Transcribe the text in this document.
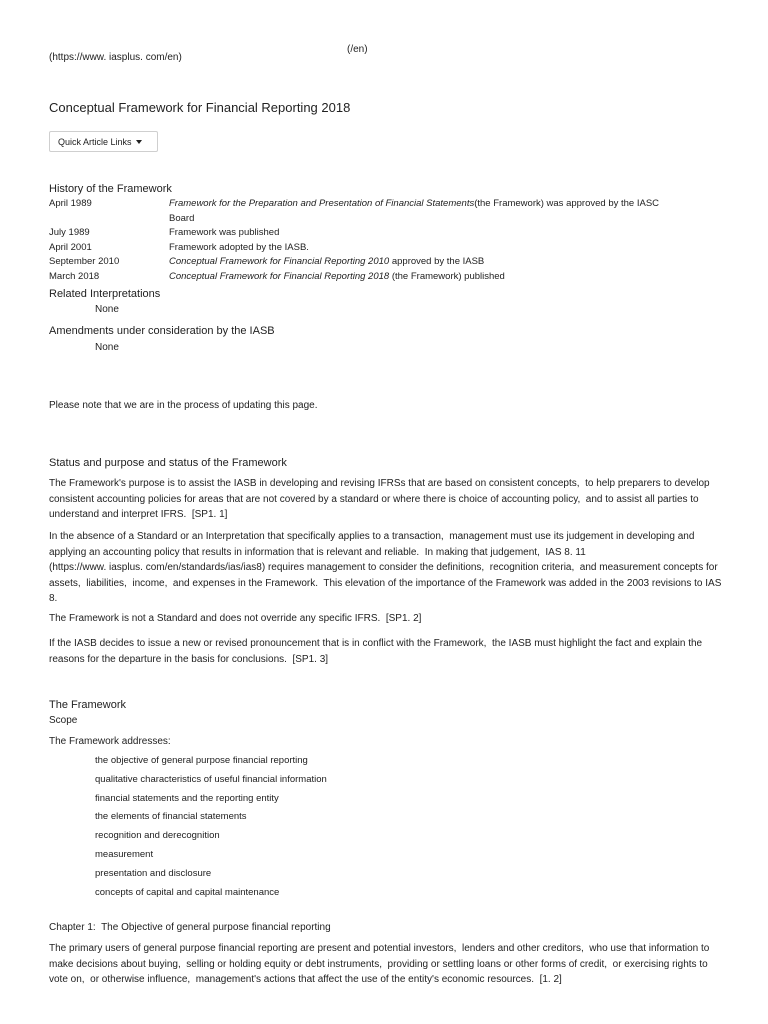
(/en)
(https://www. iasplus. com/en)
Conceptual Framework for Financial Reporting 2018
Quick Article Links
History of the Framework
April 1989	Framework for the Preparation and Presentation of Financial Statements(the Framework) was approved by the IASC
Board
July 1989	Framework was published
April 2001	Framework adopted by the IASB.
September 2010	Conceptual Framework for Financial Reporting 2010 approved by the IASB
March 2018	Conceptual Framework for Financial Reporting 2018 (the Framework) published
Related Interpretations
None
Amendments under consideration by the IASB
None
Please note that we are in the process of updating this page.
Status and purpose and status of the Framework
The Framework's purpose is to assist the IASB in developing and revising IFRSs that are based on consistent concepts,  to help preparers to develop consistent accounting policies for areas that are not covered by a standard or where there is choice of accounting policy,  and to assist all parties to understand and interpret IFRS.  [SP1. 1]
In the absence of a Standard or an Interpretation that specifically applies to a transaction,  management must use its judgement in developing and applying an accounting policy that results in information that is relevant and reliable.  In making that judgement,  IAS 8. 11 (https://www. iasplus. com/en/standards/ias/ias8) requires management to consider the definitions,  recognition criteria,  and measurement concepts for assets,  liabilities,  income,  and expenses in the Framework.  This elevation of the importance of the Framework was added in the 2003 revisions to IAS 8.
The Framework is not a Standard and does not override any specific IFRS.  [SP1. 2]
If the IASB decides to issue a new or revised pronouncement that is in conflict with the Framework,  the IASB must highlight the fact and explain the reasons for the departure in the basis for conclusions.  [SP1. 3]
The Framework
Scope
The Framework addresses:
the objective of general purpose financial reporting
qualitative characteristics of useful financial information
financial statements and the reporting entity
the elements of financial statements
recognition and derecognition
measurement
presentation and disclosure
concepts of capital and capital maintenance
Chapter 1:  The Objective of general purpose financial reporting
The primary users of general purpose financial reporting are present and potential investors,  lenders and other creditors,  who use that information to make decisions about buying,  selling or holding equity or debt instruments,  providing or settling loans or other forms of credit,  or exercising rights to vote on,  or otherwise influence,  management's actions that affect the use of the entity's economic resources.  [1. 2]
